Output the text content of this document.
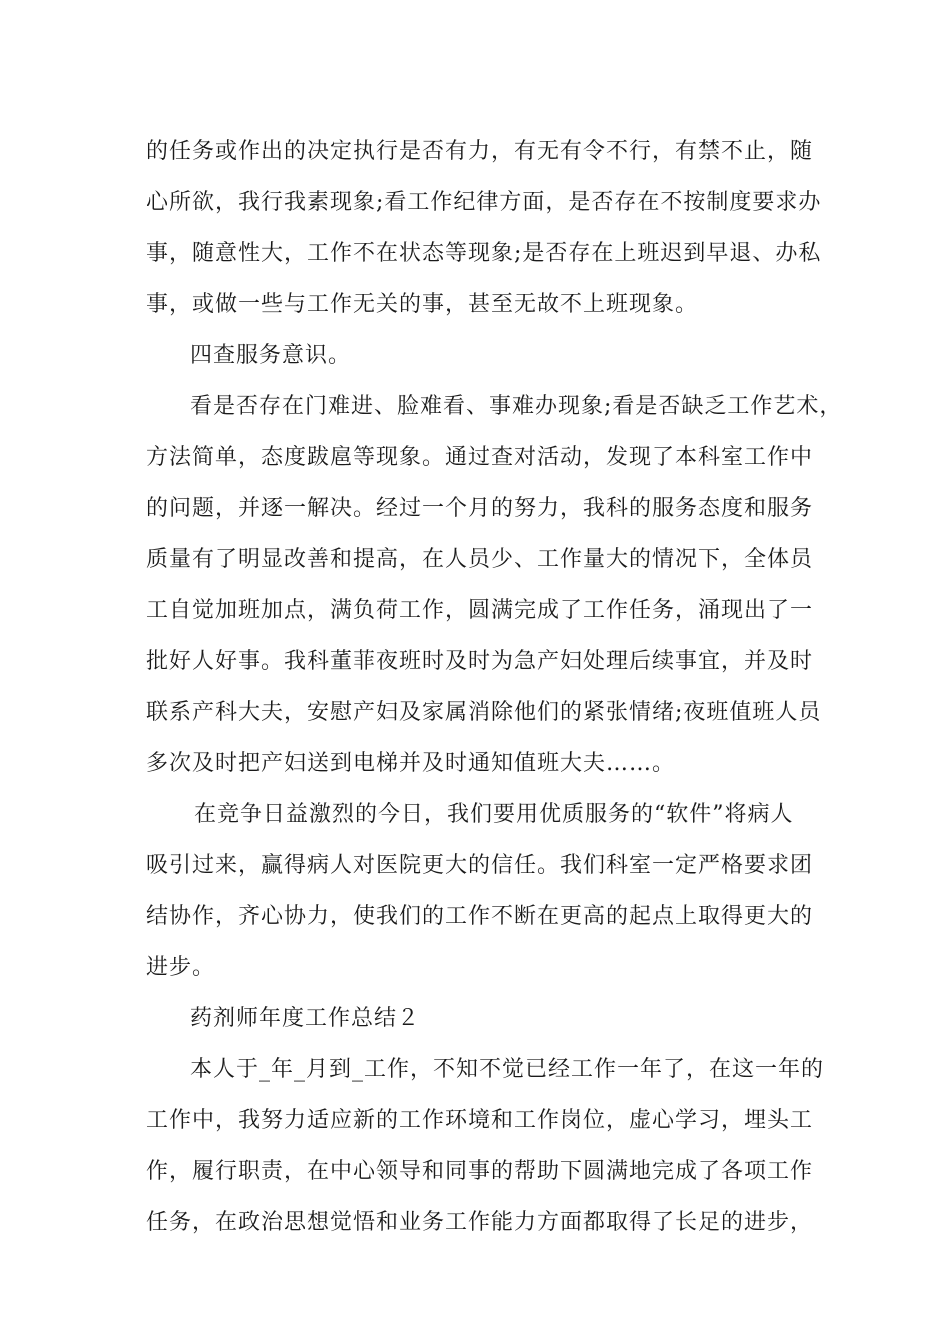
的任务或作出的决定执行是否有力，有无有令不行，有禁不止，随
心所欲，我行我素现象;看工作纪律方面，是否存在不按制度要求办
事，随意性大，工作不在状态等现象;是否存在上班迟到早退、办私
事，或做一些与工作无关的事，甚至无故不上班现象。
四查服务意识。
看是否存在门难进、脸难看、事难办现象;看是否缺乏工作艺术，
方法简单，态度跋扈等现象。通过查对活动，发现了本科室工作中
的问题，并逐一解决。经过一个月的努力，我科的服务态度和服务
质量有了明显改善和提高，在人员少、工作量大的情况下，全体员
工自觉加班加点，满负荷工作，圆满完成了工作任务，涌现出了一
批好人好事。我科董菲夜班时及时为急产妇处理后续事宜，并及时
联系产科大夫，安慰产妇及家属消除他们的紧张情绪;夜班值班人员
多次及时把产妇送到电梯并及时通知值班大夫……。
在竞争日益激烈的今日，我们要用优质服务的“软件”将病人
吸引过来，赢得病人对医院更大的信任。我们科室一定严格要求团
结协作，齐心协力，使我们的工作不断在更高的起点上取得更大的
进步。
药剂师年度工作总结２
本人于_年_月到_工作，不知不觉已经工作一年了，在这一年的
工作中，我努力适应新的工作环境和工作岗位，虚心学习，埋头工
作，履行职责，在中心领导和同事的帮助下圆满地完成了各项工作
任务，在政治思想觉悟和业务工作能力方面都取得了长足的进步，
